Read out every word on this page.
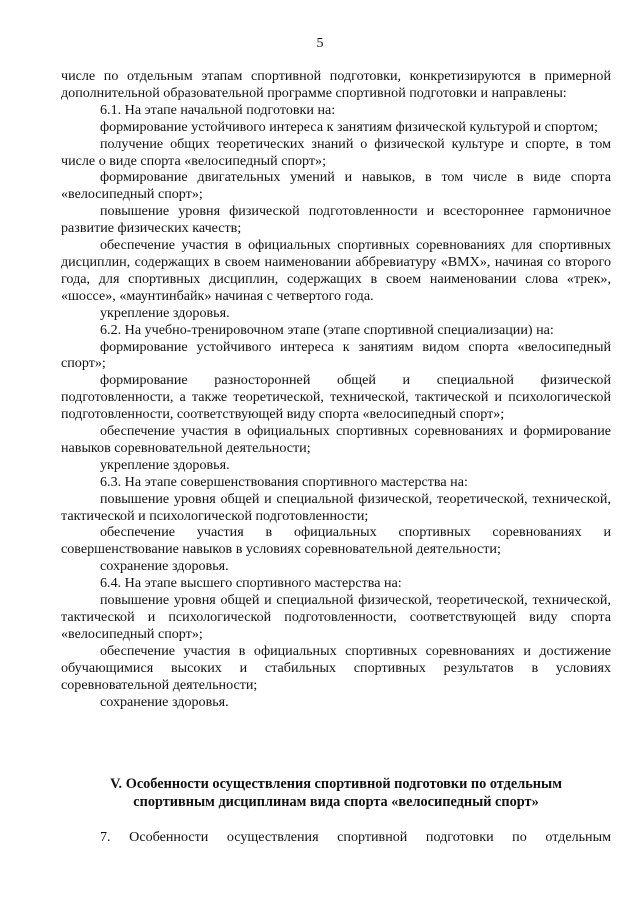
5

числе по отдельным этапам спортивной подготовки, конкретизируются в примерной дополнительной образовательной программе спортивной подготовки и направлены:

6.1. На этапе начальной подготовки на:

формирование устойчивого интереса к занятиям физической культурой и спортом;

получение общих теоретических знаний о физической культуре и спорте, в том числе о виде спорта «велосипедный спорт»;

формирование двигательных умений и навыков, в том числе в виде спорта «велосипедный спорт»;

повышение уровня физической подготовленности и всестороннее гармоничное развитие физических качеств;

обеспечение участия в официальных спортивных соревнованиях для спортивных дисциплин, содержащих в своем наименовании аббревиатуру «BMX», начиная со второго года, для спортивных дисциплин, содержащих в своем наименовании слова «трек», «шоссе», «маунтинбайк» начиная с четвертого года.

укрепление здоровья.

6.2. На учебно-тренировочном этапе (этапе спортивной специализации) на:

формирование устойчивого интереса к занятиям видом спорта «велосипедный спорт»;

формирование разносторонней общей и специальной физической подготовленности, а также теоретической, технической, тактической и психологической подготовленности, соответствующей виду спорта «велосипедный спорт»;

обеспечение участия в официальных спортивных соревнованиях и формирование навыков соревновательной деятельности;

укрепление здоровья.

6.3. На этапе совершенствования спортивного мастерства на:

повышение уровня общей и специальной физической, теоретической, технической, тактической и психологической подготовленности;

обеспечение участия в официальных спортивных соревнованиях и совершенствование навыков в условиях соревновательной деятельности;

сохранение здоровья.

6.4. На этапе высшего спортивного мастерства на:

повышение уровня общей и специальной физической, теоретической, технической, тактической и психологической подготовленности, соответствующей виду спорта «велосипедный спорт»;

обеспечение участия в официальных спортивных соревнованиях и достижение обучающимися высоких и стабильных спортивных результатов в условиях соревновательной деятельности;

сохранение здоровья.

V. Особенности осуществления спортивной подготовки по отдельным
спортивным дисциплинам вида спорта «велосипедный спорт»
7. Особенности осуществления спортивной подготовки по отдельным
